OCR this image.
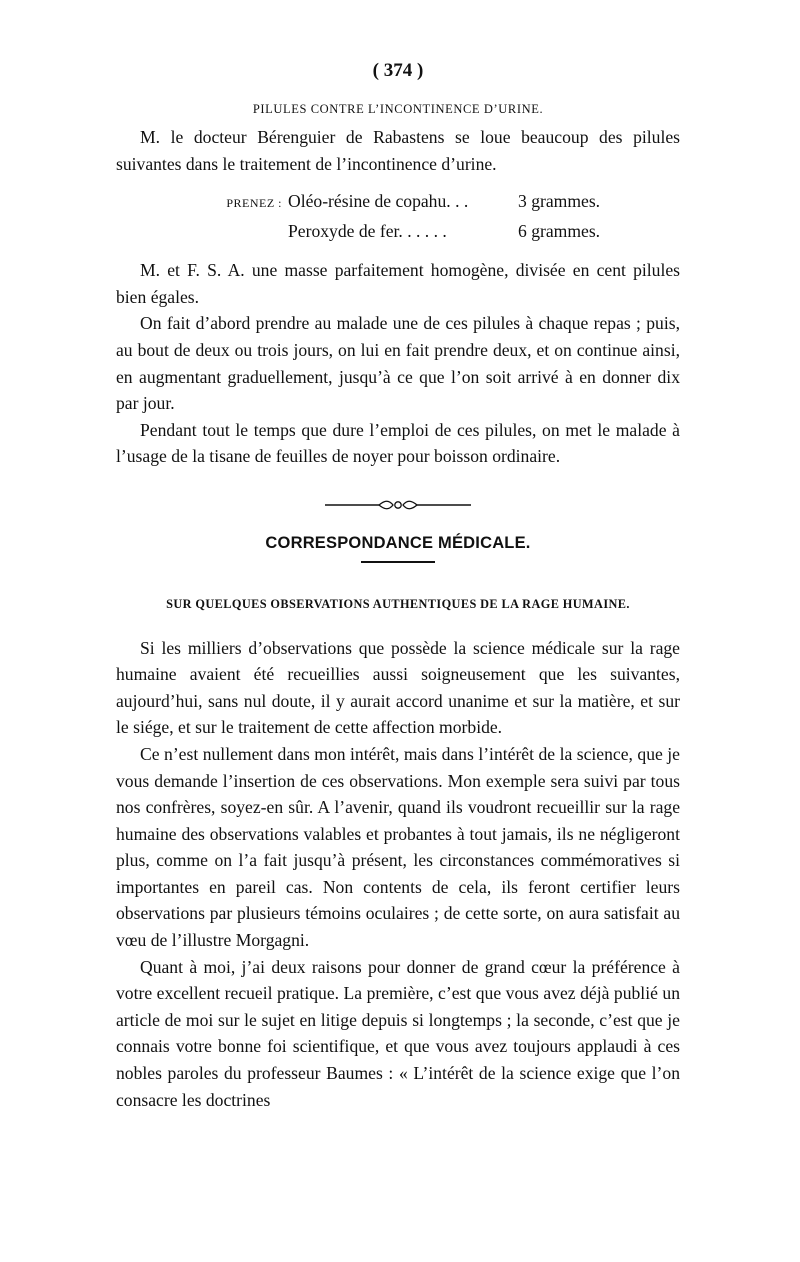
( 374 )
PILULES CONTRE L’INCONTINENCE D’URINE.

M. le docteur Bérenguier de Rabastens se loue beaucoup des pilules suivantes dans le traitement de l’incontinence d’urine.

PRENEZ : Oléo-résine de copahu. . .	3 grammes.
Peroxyde de fer. . . . . .	6 grammes.

M. et F. S. A. une masse parfaitement homogène, divisée en cent pilules bien égales.

On fait d’abord prendre au malade une de ces pilules à chaque repas ; puis, au bout de deux ou trois jours, on lui en fait prendre deux, et on continue ainsi, en augmentant graduellement, jusqu’à ce que l’on soit arrivé à en donner dix par jour.

Pendant tout le temps que dure l’emploi de ces pilules, on met le malade à l’usage de la tisane de feuilles de noyer pour boisson ordinaire.

CORRESPONDANCE MÉDICALE.
SUR QUELQUES OBSERVATIONS AUTHENTIQUES DE LA RAGE HUMAINE.

Si les milliers d’observations que possède la science médicale sur la rage humaine avaient été recueillies aussi soigneusement que les suivantes, aujourd’hui, sans nul doute, il y aurait accord unanime et sur la matière, et sur le siége, et sur le traitement de cette affection morbide.

Ce n’est nullement dans mon intérêt, mais dans l’intérêt de la science, que je vous demande l’insertion de ces observations. Mon exemple sera suivi par tous nos confrères, soyez-en sûr. A l’avenir, quand ils voudront recueillir sur la rage humaine des observations valables et probantes à tout jamais, ils ne négligeront plus, comme on l’a fait jusqu’à présent, les circonstances commémoratives si importantes en pareil cas. Non contents de cela, ils feront certifier leurs observations par plusieurs témoins oculaires ; de cette sorte, on aura satisfait au vœu de l’illustre Morgagni.

Quant à moi, j’ai deux raisons pour donner de grand cœur la préférence à votre excellent recueil pratique. La première, c’est que vous avez déjà publié un article de moi sur le sujet en litige depuis si longtemps ; la seconde, c’est que je connais votre bonne foi scientifique, et que vous avez toujours applaudi à ces nobles paroles du professeur Baumes : « L’intérêt de la science exige que l’on consacre les doctrines
